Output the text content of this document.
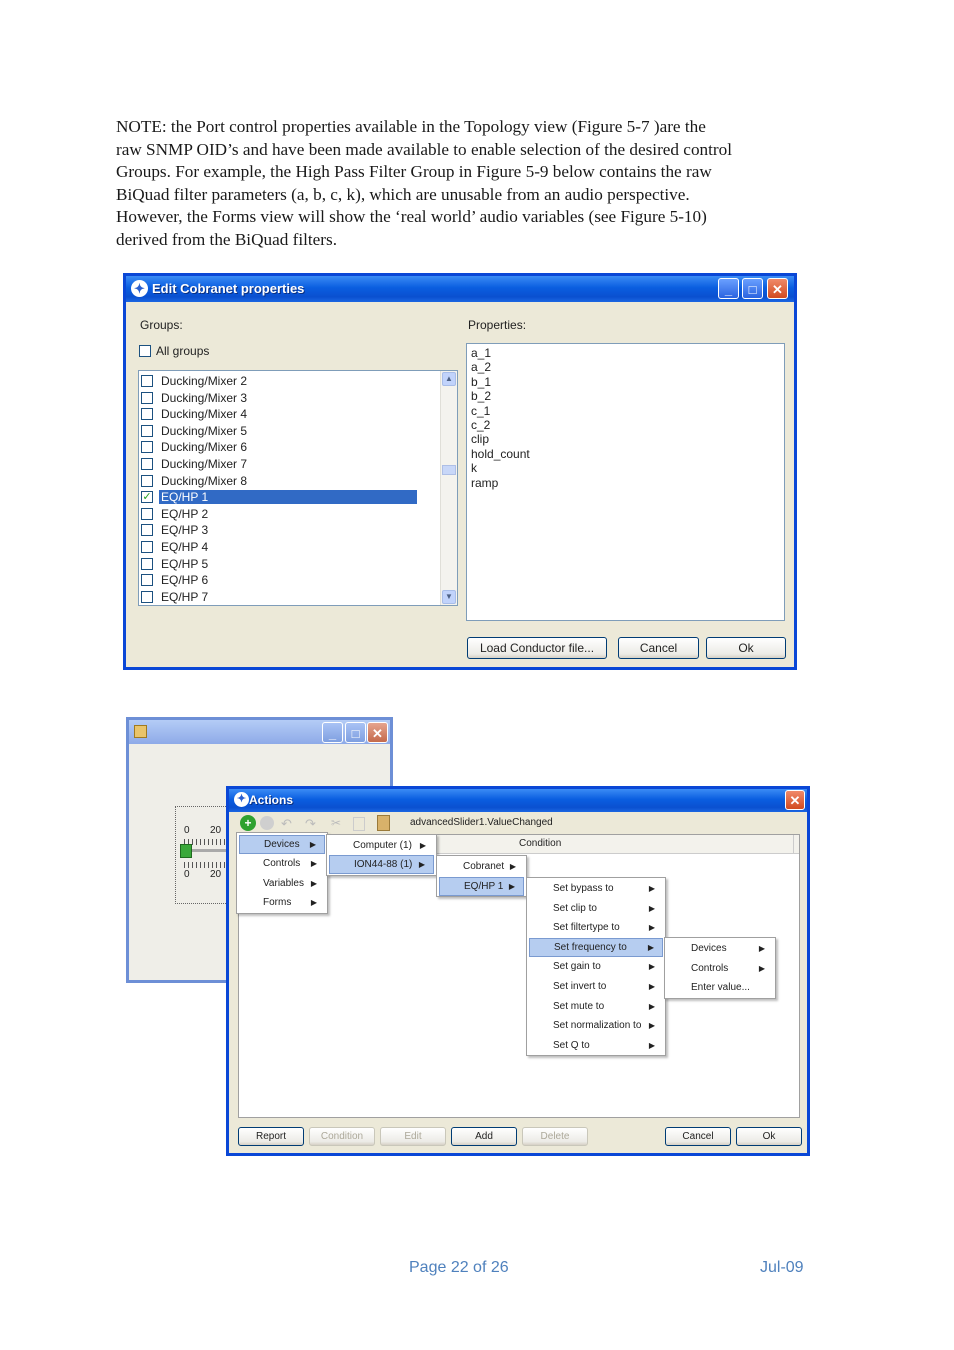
NOTE: the Port control properties available in the Topology view (Figure 5-7 )are the

raw SNMP OID’s and have been made available to enable selection of the desired control

Groups. For example, the High Pass Filter Group in Figure 5-9 below contains the raw

BiQuad filter parameters (a, b, c, k), which are unusable from an audio perspective.

However, the Forms view will show the ‘real world’ audio variables (see Figure 5-10)

derived from the BiQuad filters.

✦ Edit Cobranet properties	_	□	✕
Groups:
All groups
Ducking/Mixer 2
Ducking/Mixer 3
Ducking/Mixer 4
Ducking/Mixer 5
Ducking/Mixer 6
Ducking/Mixer 7
Ducking/Mixer 8
✓ EQ/HP 1
EQ/HP 2
EQ/HP 3
EQ/HP 4
EQ/HP 5
EQ/HP 6
EQ/HP 7
▲
▼
Properties:
a_1
a_2
b_1
b_2
c_1
c_2
clip
hold_count
k
ramp
Load Conductor file...	Cancel	Ok
_	□ ✕
0 20
0 20
✦ Actions	✕
+	↶ ↷ ✂	advancedSlider1.ValueChanged
Condition
Report	Condition	Edit	Add	Delete	Cancel	Ok
Devices ▶
Controls ▶
Variables ▶
Forms ▶
Computer (1) ▶
ION44-88 (1) ▶	Cobranet ▶
EQ/HP 1 ▶	Set bypass to	▶
Set clip to	▶
Set filtertype to	▶
Set frequency to	▶
Set gain to	▶
Set invert to	▶
Set mute to	▶
Set normalization to ▶
Set Q to	▶
Devices	▶
Controls	▶
Enter value...
Page 22 of 26	Jul-09
